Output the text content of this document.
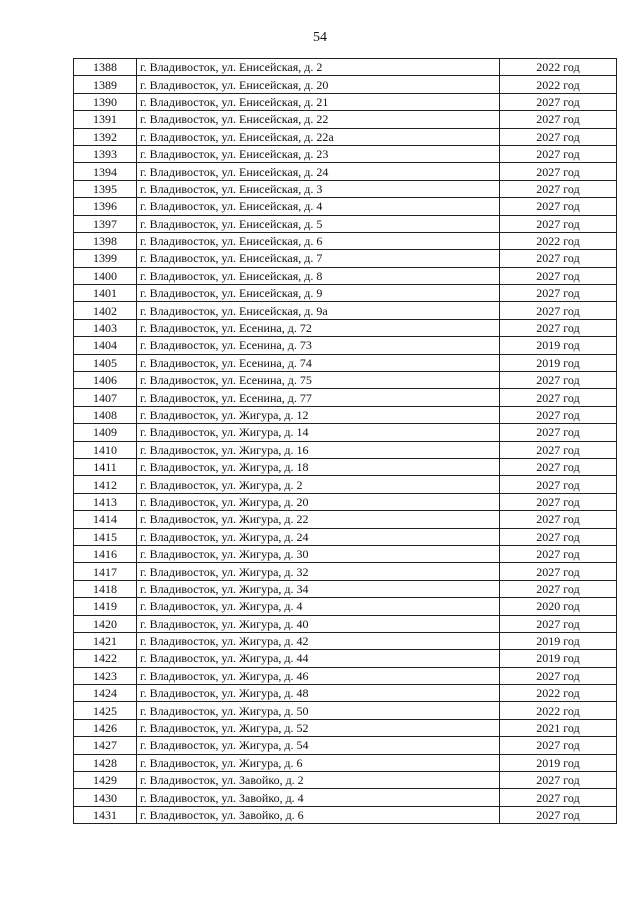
54
1388	г. Владивосток, ул. Енисейская, д. 2	2022 год
1389	г. Владивосток, ул. Енисейская, д. 20	2022 год
1390	г. Владивосток, ул. Енисейская, д. 21	2027 год
1391	г. Владивосток, ул. Енисейская, д. 22	2027 год
1392	г. Владивосток, ул. Енисейская, д. 22а	2027 год
1393	г. Владивосток, ул. Енисейская, д. 23	2027 год
1394	г. Владивосток, ул. Енисейская, д. 24	2027 год
1395	г. Владивосток, ул. Енисейская, д. 3	2027 год
1396	г. Владивосток, ул. Енисейская, д. 4	2027 год
1397	г. Владивосток, ул. Енисейская, д. 5	2027 год
1398	г. Владивосток, ул. Енисейская, д. 6	2022 год
1399	г. Владивосток, ул. Енисейская, д. 7	2027 год
1400	г. Владивосток, ул. Енисейская, д. 8	2027 год
1401	г. Владивосток, ул. Енисейская, д. 9	2027 год
1402	г. Владивосток, ул. Енисейская, д. 9а	2027 год
1403	г. Владивосток, ул. Есенина, д. 72	2027 год
1404	г. Владивосток, ул. Есенина, д. 73	2019 год
1405	г. Владивосток, ул. Есенина, д. 74	2019 год
1406	г. Владивосток, ул. Есенина, д. 75	2027 год
1407	г. Владивосток, ул. Есенина, д. 77	2027 год
1408	г. Владивосток, ул. Жигура, д. 12	2027 год
1409	г. Владивосток, ул. Жигура, д. 14	2027 год
1410	г. Владивосток, ул. Жигура, д. 16	2027 год
1411	г. Владивосток, ул. Жигура, д. 18	2027 год
1412	г. Владивосток, ул. Жигура, д. 2	2027 год
1413	г. Владивосток, ул. Жигура, д. 20	2027 год
1414	г. Владивосток, ул. Жигура, д. 22	2027 год
1415	г. Владивосток, ул. Жигура, д. 24	2027 год
1416	г. Владивосток, ул. Жигура, д. 30	2027 год
1417	г. Владивосток, ул. Жигура, д. 32	2027 год
1418	г. Владивосток, ул. Жигура, д. 34	2027 год
1419	г. Владивосток, ул. Жигура, д. 4	2020 год
1420	г. Владивосток, ул. Жигура, д. 40	2027 год
1421	г. Владивосток, ул. Жигура, д. 42	2019 год
1422	г. Владивосток, ул. Жигура, д. 44	2019 год
1423	г. Владивосток, ул. Жигура, д. 46	2027 год
1424	г. Владивосток, ул. Жигура, д. 48	2022 год
1425	г. Владивосток, ул. Жигура, д. 50	2022 год
1426	г. Владивосток, ул. Жигура, д. 52	2021 год
1427	г. Владивосток, ул. Жигура, д. 54	2027 год
1428	г. Владивосток, ул. Жигура, д. 6	2019 год
1429	г. Владивосток, ул. Завойко, д. 2	2027 год
1430	г. Владивосток, ул. Завойко, д. 4	2027 год
1431	г. Владивосток, ул. Завойко, д. 6	2027 год
